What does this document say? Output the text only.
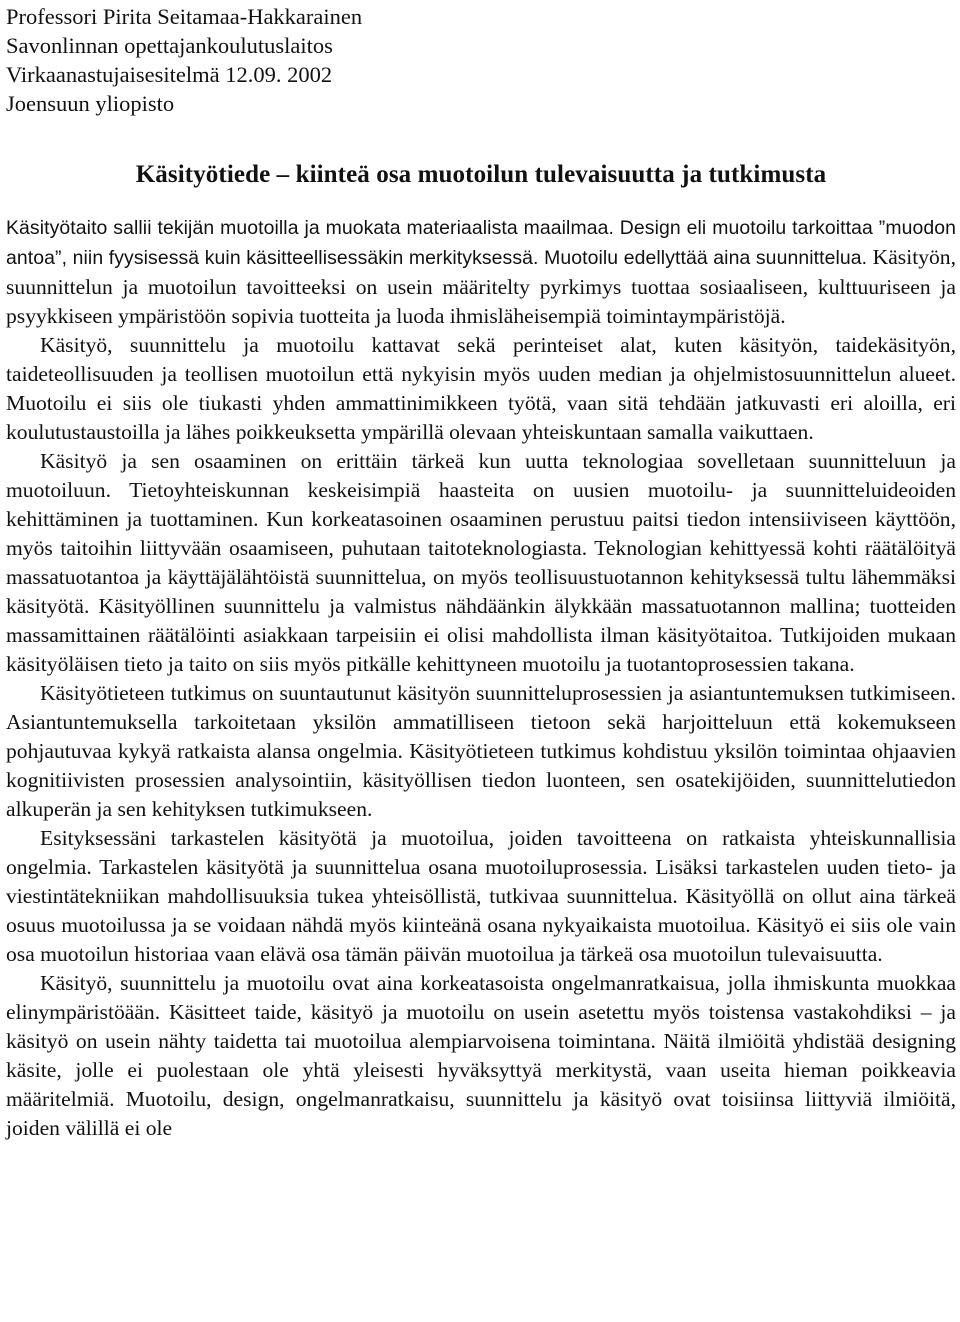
Professori Pirita Seitamaa-Hakkarainen
Savonlinnan opettajankoulutuslaitos
Virkaanastujaisesitelmä 12.09. 2002
Joensuun yliopisto
Käsityötiede – kiinteä osa muotoilun tulevaisuutta ja tutkimusta

Käsityötaito sallii tekijän muotoilla ja muokata materiaalista maailmaa. Design eli muotoilu tarkoittaa ”muodon antoa”, niin fyysisessä kuin käsitteellisessäkin merkityksessä. Muotoilu edellyttää aina suunnittelua. Käsityön, suunnittelun ja muotoilun tavoitteeksi on usein määritelty pyrkimys tuottaa sosiaaliseen, kulttuuriseen ja psyykkiseen ympäristöön sopivia tuotteita ja luoda ihmisläheisempiä toimintaympäristöjä.

Käsityö, suunnittelu ja muotoilu kattavat sekä perinteiset alat, kuten käsityön, taidekäsityön, taideteollisuuden ja teollisen muotoilun että nykyisin myös uuden median ja ohjelmistosuunnittelun alueet. Muotoilu ei siis ole tiukasti yhden ammattinimikkeen työtä, vaan sitä tehdään jatkuvasti eri aloilla, eri koulutustaustoilla ja lähes poikkeuksetta ympärillä olevaan yhteiskuntaan samalla vaikuttaen.

Käsityö ja sen osaaminen on erittäin tärkeä kun uutta teknologiaa sovelletaan suunnitteluun ja muotoiluun. Tietoyhteiskunnan keskeisimpiä haasteita on uusien muotoilu- ja suunnitteluideoiden kehittäminen ja tuottaminen. Kun korkeatasoinen osaaminen perustuu paitsi tiedon intensiiviseen käyttöön, myös taitoihin liittyvään osaamiseen, puhutaan taitoteknologiasta. Teknologian kehittyessä kohti räätälöityä massatuotantoa ja käyttäjälähtöistä suunnittelua, on myös teollisuustuotannon kehityksessä tultu lähemmäksi käsityötä. Käsityöllinen suunnittelu ja valmistus nähdäänkin älykkään massatuotannon mallina; tuotteiden massamittainen räätälöinti asiakkaan tarpeisiin ei olisi mahdollista ilman käsityötaitoa. Tutkijoiden mukaan käsityöläisen tieto ja taito on siis myös pitkälle kehittyneen muotoilu ja tuotantoprosessien takana.

Käsityötieteen tutkimus on suuntautunut käsityön suunnitteluprosessien ja asiantuntemuksen tutkimiseen. Asiantuntemuksella tarkoitetaan yksilön ammatilliseen tietoon sekä harjoitteluun että kokemukseen pohjautuvaa kykyä ratkaista alansa ongelmia. Käsityötieteen tutkimus kohdistuu yksilön toimintaa ohjaavien kognitiivisten prosessien analysointiin, käsityöllisen tiedon luonteen, sen osatekijöiden, suunnittelutiedon alkuperän ja sen kehityksen tutkimukseen.

Esityksessäni tarkastelen käsityötä ja muotoilua, joiden tavoitteena on ratkaista yhteiskunnallisia ongelmia. Tarkastelen käsityötä ja suunnittelua osana muotoiluprosessia. Lisäksi tarkastelen uuden tieto- ja viestintätekniikan mahdollisuuksia tukea yhteisöllistä, tutkivaa suunnittelua. Käsityöllä on ollut aina tärkeä osuus muotoilussa ja se voidaan nähdä myös kiinteänä osana nykyaikaista muotoilua. Käsityö ei siis ole vain osa muotoilun historiaa vaan elävä osa tämän päivän muotoilua ja tärkeä osa muotoilun tulevaisuutta.

Käsityö, suunnittelu ja muotoilu ovat aina korkeatasoista ongelmanratkaisua, jolla ihmiskunta muokkaa elinympäristöään. Käsitteet taide, käsityö ja muotoilu on usein asetettu myös toistensa vastakohdiksi – ja käsityö on usein nähty taidetta tai muotoilua alempiarvoisena toimintana. Näitä ilmiöitä yhdistää designing käsite, jolle ei puolestaan ole yhtä yleisesti hyväksyttyä merkitystä, vaan useita hieman poikkeavia määritelmiä. Muotoilu, design, ongelmanratkaisu, suunnittelu ja käsityö ovat toisiinsa liittyviä ilmiöitä, joiden välillä ei ole
